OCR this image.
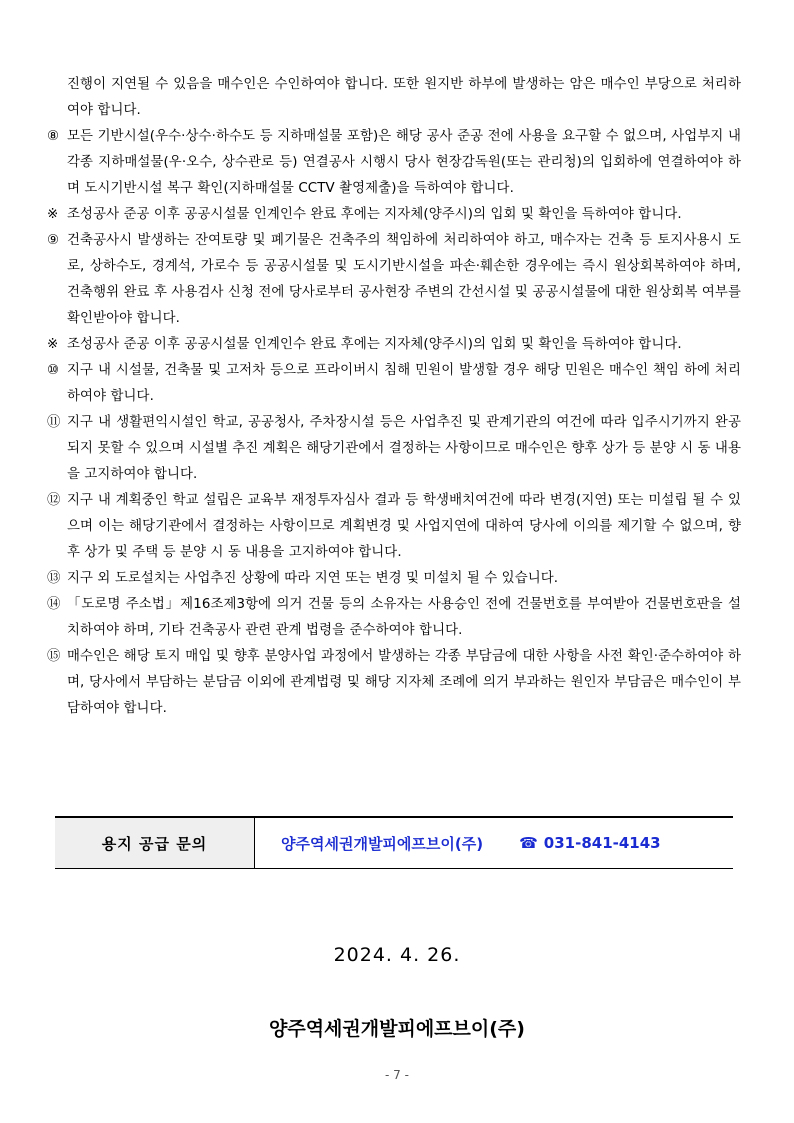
진행이 지연될 수 있음을 매수인은 수인하여야 합니다. 또한 원지반 하부에 발생하는 암은 매수인 부당으로 처리하여야 합니다.
⑧ 모든 기반시설(우수·상수·하수도 등 지하매설물 포함)은 해당 공사 준공 전에 사용을 요구할 수 없으며, 사업부지 내 각종 지하매설물(우·오수, 상수관로 등) 연결공사 시행시 당사 현장감독원(또는 관리청)의 입회하에 연결하여야 하며 도시기반시설 복구 확인(지하매설물 CCTV 촬영제출)을 득하여야 합니다.
※ 조성공사 준공 이후 공공시설물 인계인수 완료 후에는 지자체(양주시)의 입회 및 확인을 득하여야 합니다.
⑨ 건축공사시 발생하는 잔여토량 및 폐기물은 건축주의 책임하에 처리하여야 하고, 매수자는 건축 등 토지사용시 도로, 상하수도, 경계석, 가로수 등 공공시설물 및 도시기반시설을 파손·훼손한 경우에는 즉시 원상회복하여야 하며, 건축행위 완료 후 사용검사 신청 전에 당사로부터 공사현장 주변의 간선시설 및 공공시설물에 대한 원상회복 여부를 확인받아야 합니다.
※ 조성공사 준공 이후 공공시설물 인계인수 완료 후에는 지자체(양주시)의 입회 및 확인을 득하여야 합니다.
⑩ 지구 내 시설물, 건축물 및 고저차 등으로 프라이버시 침해 민원이 발생할 경우 해당 민원은 매수인 책임 하에 처리하여야 합니다.
⑪ 지구 내 생활편익시설인 학교, 공공청사, 주차장시설 등은 사업추진 및 관계기관의 여건에 따라 입주시기까지 완공되지 못할 수 있으며 시설별 추진 계획은 해당기관에서 결정하는 사항이므로 매수인은 향후 상가 등 분양 시 동 내용을 고지하여야 합니다.
⑫ 지구 내 계획중인 학교 설립은 교육부 재정투자심사 결과 등 학생배치여건에 따라 변경(지연) 또는 미설립 될 수 있으며 이는 해당기관에서 결정하는 사항이므로 계획변경 및 사업지연에 대하여 당사에 이의를 제기할 수 없으며, 향후 상가 및 주택 등 분양 시 동 내용을 고지하여야 합니다.
⑬ 지구 외 도로설치는 사업추진 상황에 따라 지연 또는 변경 및 미설치 될 수 있습니다.
⑭ 「도로명 주소법」제16조제3항에 의거 건물 등의 소유자는 사용승인 전에 건물번호를 부여받아 건물번호판을 설치하여야 하며, 기타 건축공사 관련 관계 법령을 준수하여야 합니다.
⑮ 매수인은 해당 토지 매입 및 향후 분양사업 과정에서 발생하는 각종 부담금에 대한 사항을 사전 확인·준수하여야 하며, 당사에서 부담하는 분담금 이외에 관계법령 및 해당 지자체 조례에 의거 부과하는 원인자 부담금은 매수인이 부담하여야 합니다.
용지 공급 문의	양주역세권개발피에프브이(주) ☎ 031-841-4143
2024. 4. 26.
양주역세권개발피에프브이(주)
- 7 -
